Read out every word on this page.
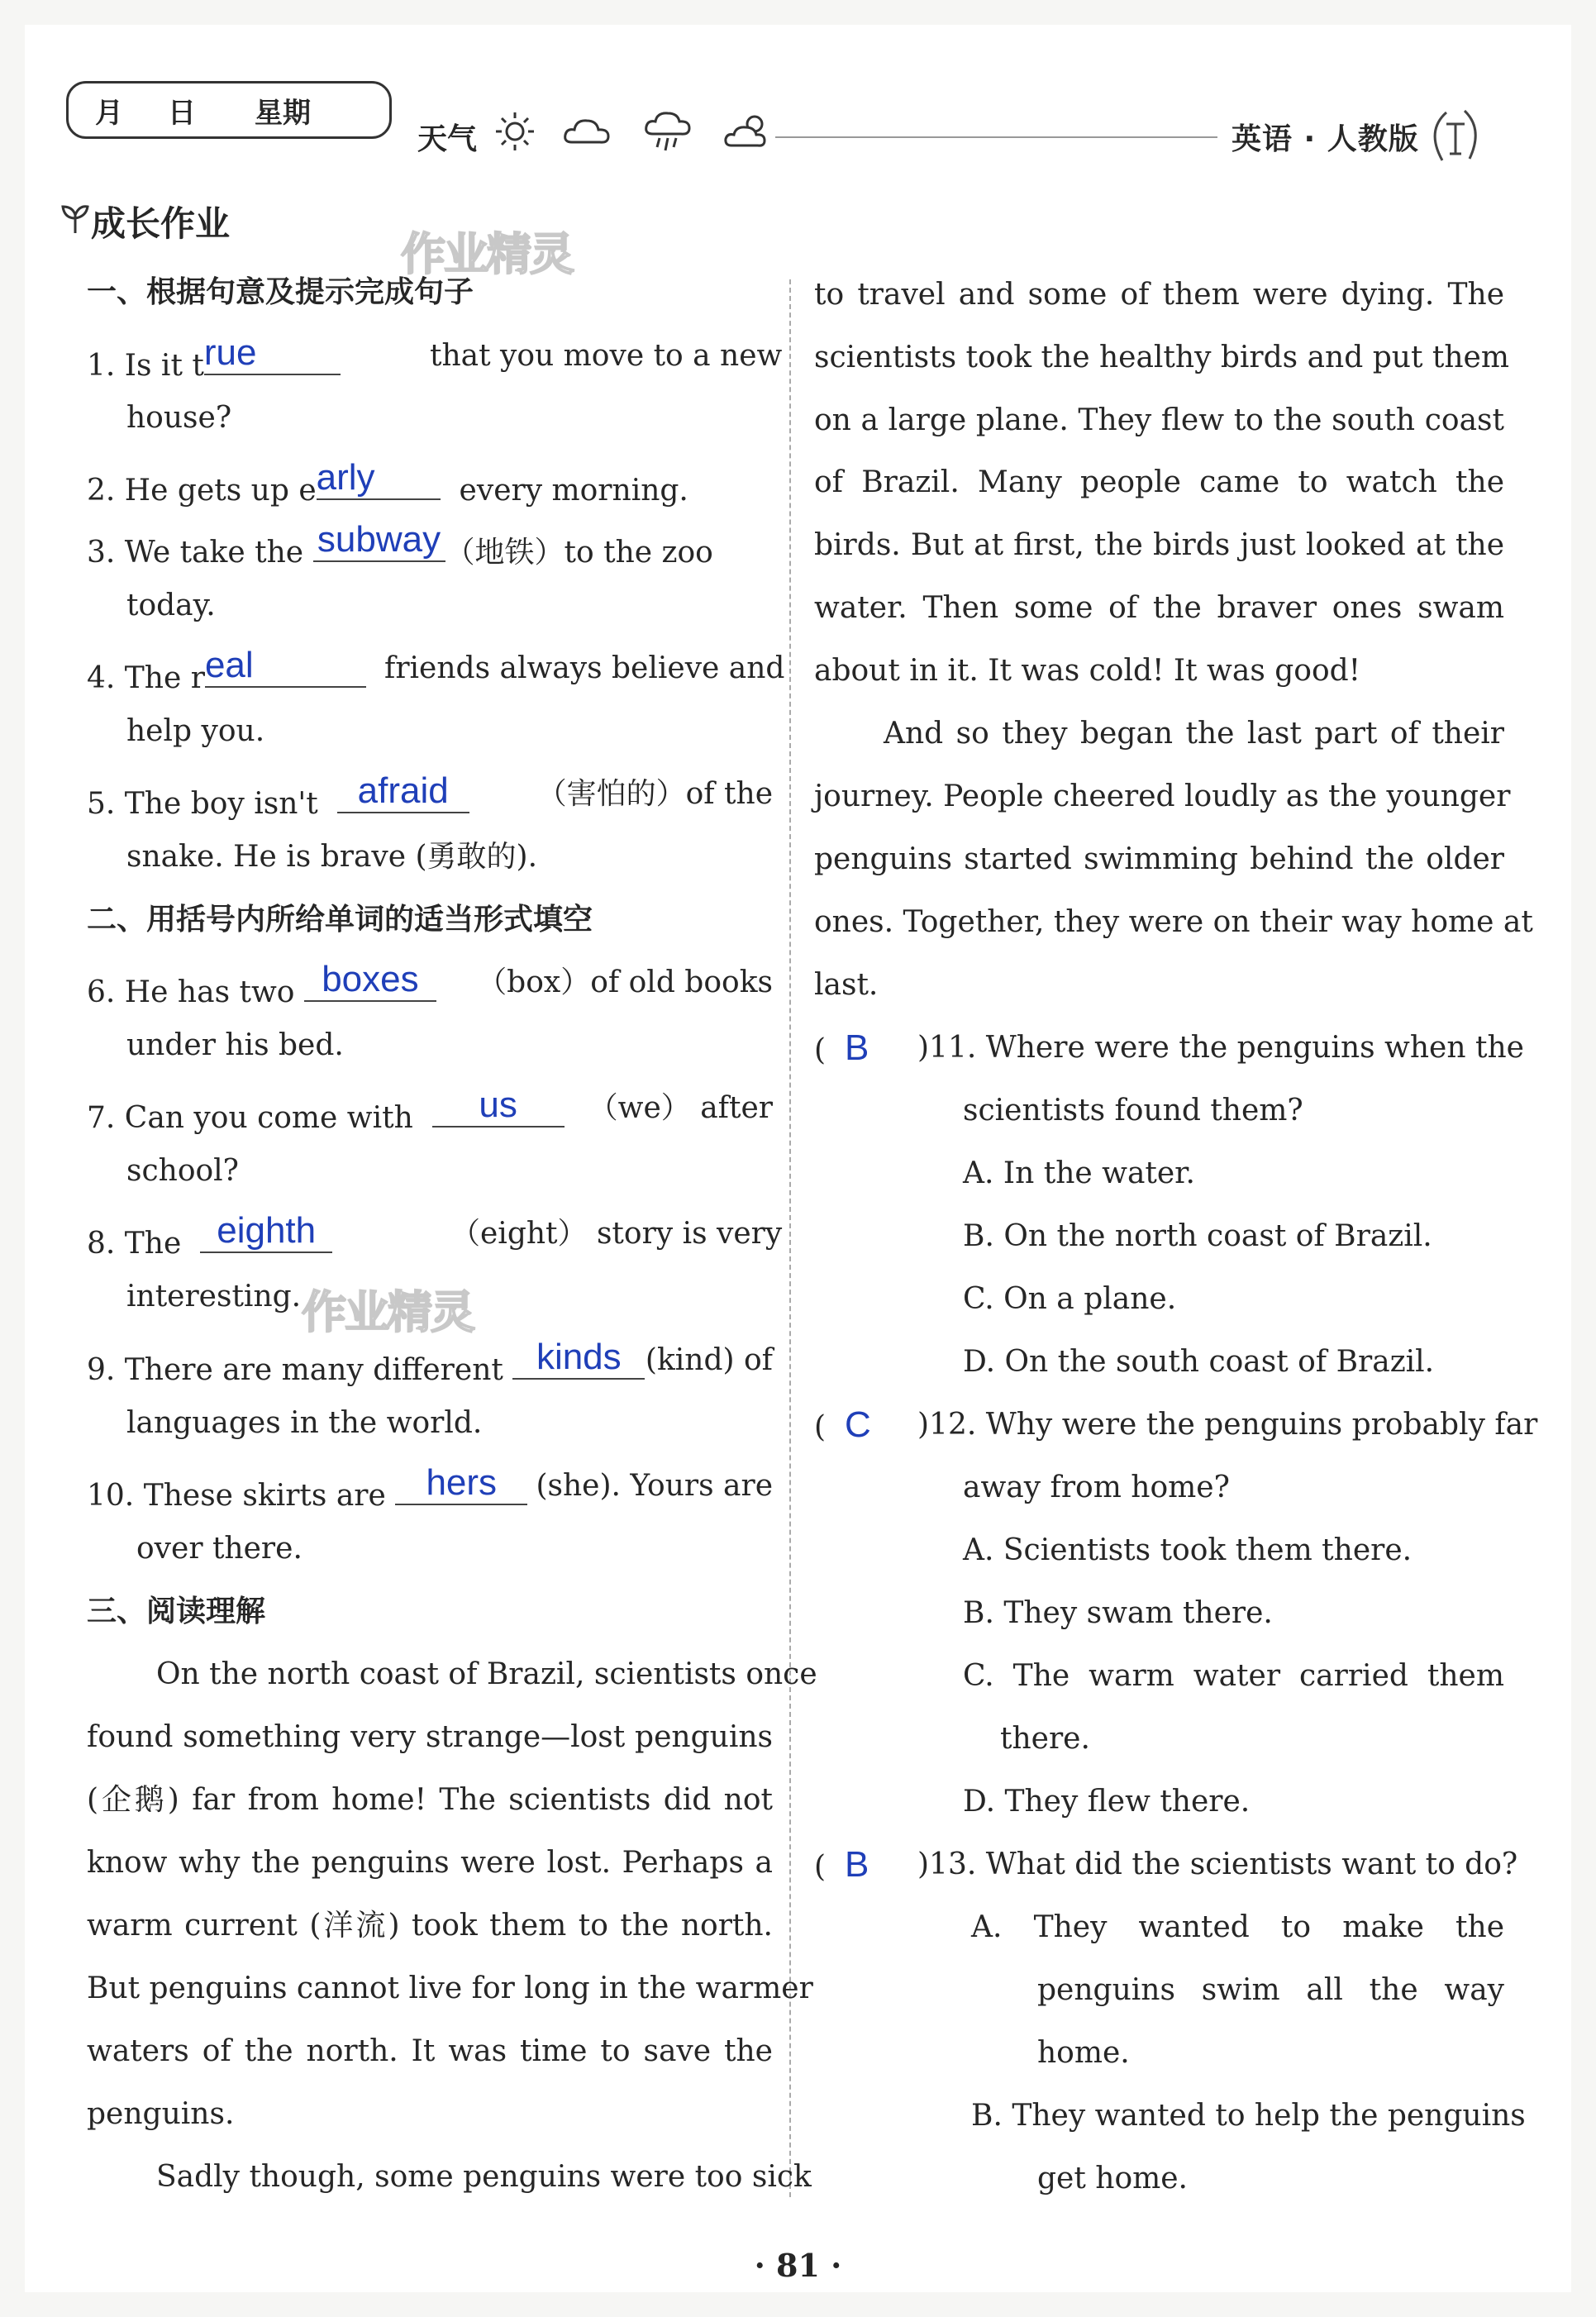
月 日 星期
天气	英语 · 人教版
成长作业
作业精灵
作业精灵
一、根据句意及提示完成句子
1. Is it t rue	that you move to a new
house?
2. He gets up e arly	every morning.
3. We take the subway （地铁）to the zoo
today.
4. The r eal	friends always believe and
help you.
5. The boy isn't	afraid	（害怕的）of the
snake. He is brave (勇敢的).
二、用括号内所给单词的适当形式填空
6. He has two boxes	（box）of old books
under his bed.
7. Can you come with	us	（we） after
school?
8. The eighth	（eight） story is very
interesting.
9. There are many different kinds (kind) of
languages in the world.
10. These skirts are	hers	(she). Yours are
over there.
三、阅读理解
On the north coast of Brazil, scientists once
found something very strange—lost penguins
(企鹅) far from home! The scientists did not
know why the penguins were lost. Perhaps a
warm current (洋流) took them to the north.
But penguins cannot live for long in the warmer
waters of the north. It was time to save the
penguins.
Sadly though, some penguins were too sick
to travel and some of them were dying. The
scientists took the healthy birds and put them
on a large plane. They flew to the south coast
of Brazil. Many people came to watch the
birds. But at first, the birds just looked at the
water. Then some of the braver ones swam
about in it. It was cold! It was good!
And so they began the last part of their
journey. People cheered loudly as the younger
penguins started swimming behind the older
ones. Together, they were on their way home at
last.
(  B	)11. Where were the penguins when the
scientists found them?
A. In the water.
B. On the north coast of Brazil.
C. On a plane.
D. On the south coast of Brazil.
(  C	)12. Why were the penguins probably far
away from home?
A. Scientists took them there.
B. They swam there.
C. The warm water carried them
there.
D. They flew there.
(  B	)13. What did the scientists want to do?
A. They wanted to make the
penguins swim all the way
home.
B. They wanted to help the penguins
get home.
· 81 ·
